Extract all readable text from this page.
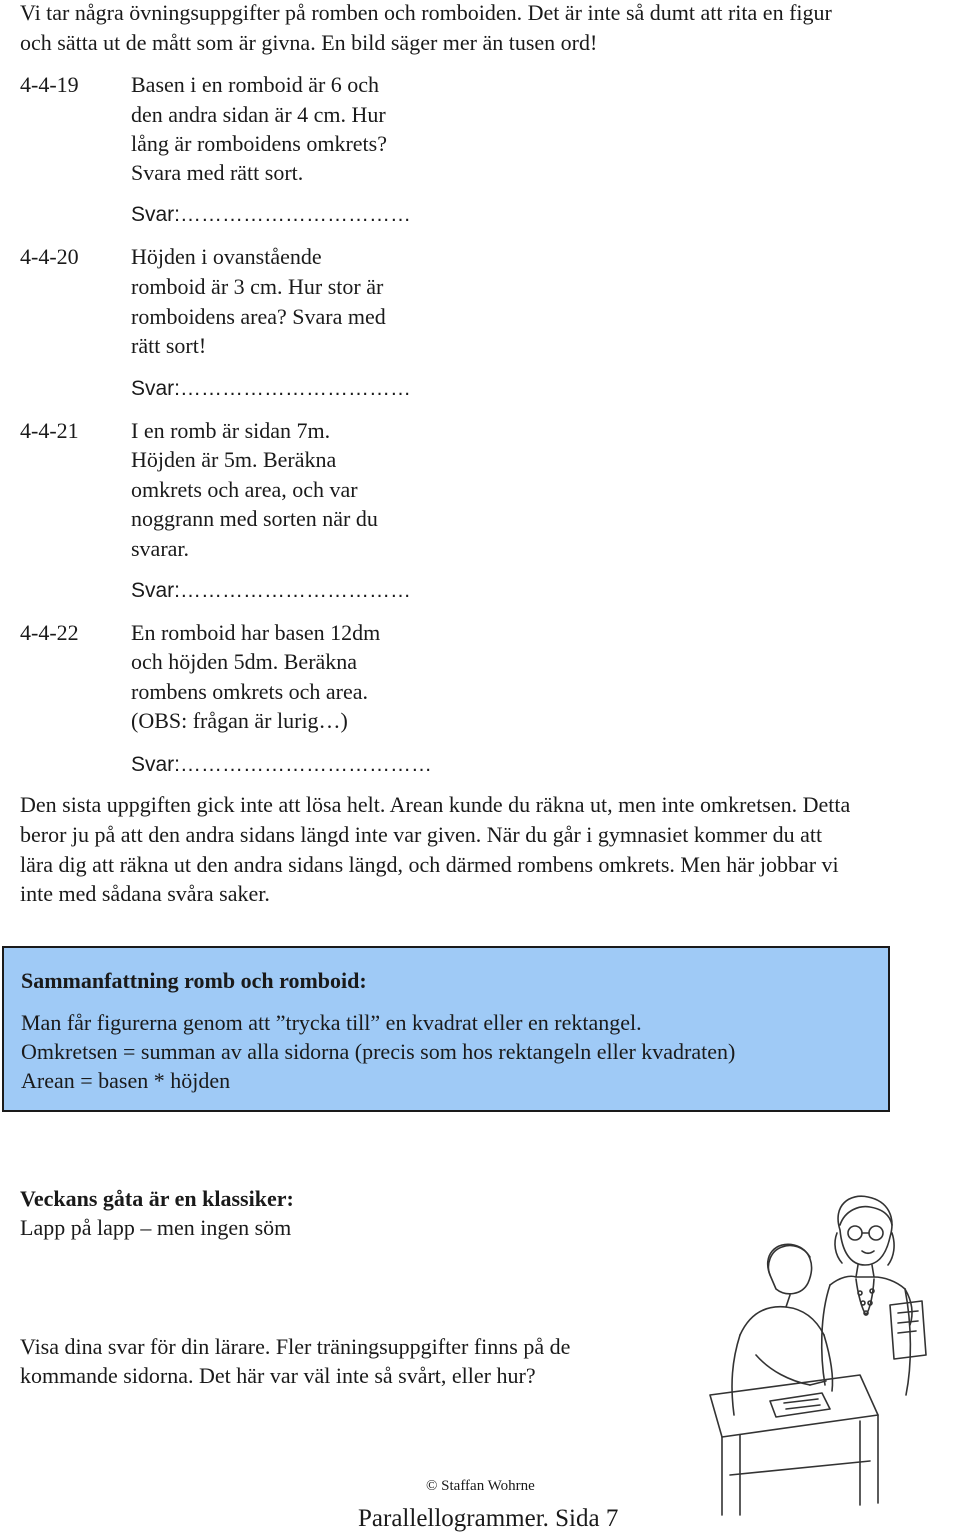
Vi tar några övningsuppgifter på romben och romboiden. Det är inte så dumt att rita en figur
och sätta ut de mått som är givna. En bild säger mer än tusen ord!
4-4-19 Basen i en romboid är 6 och
den andra sidan är 4 cm. Hur
lång är romboidens omkrets?
Svara med rätt sort.
Svar:……………………………
4-4-20 Höjden i ovanstående
romboid är 3 cm. Hur stor är
romboidens area? Svara med
rätt sort!
Svar:……………………………
4-4-21 I en romb är sidan 7m.
Höjden är 5m. Beräkna
omkrets och area, och var
noggrann med sorten när du
svarar.
Svar:……………………………
4-4-22 En romboid har basen 12dm
och höjden 5dm. Beräkna
rombens omkrets och area.
(OBS: frågan är lurig…)
Svar:………………………………
Den sista uppgiften gick inte att lösa helt. Arean kunde du räkna ut, men inte omkretsen. Detta
beror ju på att den andra sidans längd inte var given. När du går i gymnasiet kommer du att
lära dig att räkna ut den andra sidans längd, och därmed rombens omkrets. Men här jobbar vi
inte med sådana svåra saker.
Sammanfattning romb och romboid:
Man får figurerna genom att ”trycka till” en kvadrat eller en rektangel.
Omkretsen = summan av alla sidorna (precis som hos rektangeln eller kvadraten)
Arean = basen * höjden
Veckans gåta är en klassiker:
Lapp på lapp – men ingen söm
Visa dina svar för din lärare. Fler träningsuppgifter finns på de
kommande sidorna. Det här var väl inte så svårt, eller hur?
© Staffan Wohrne
Parallellogrammer. Sida 7
